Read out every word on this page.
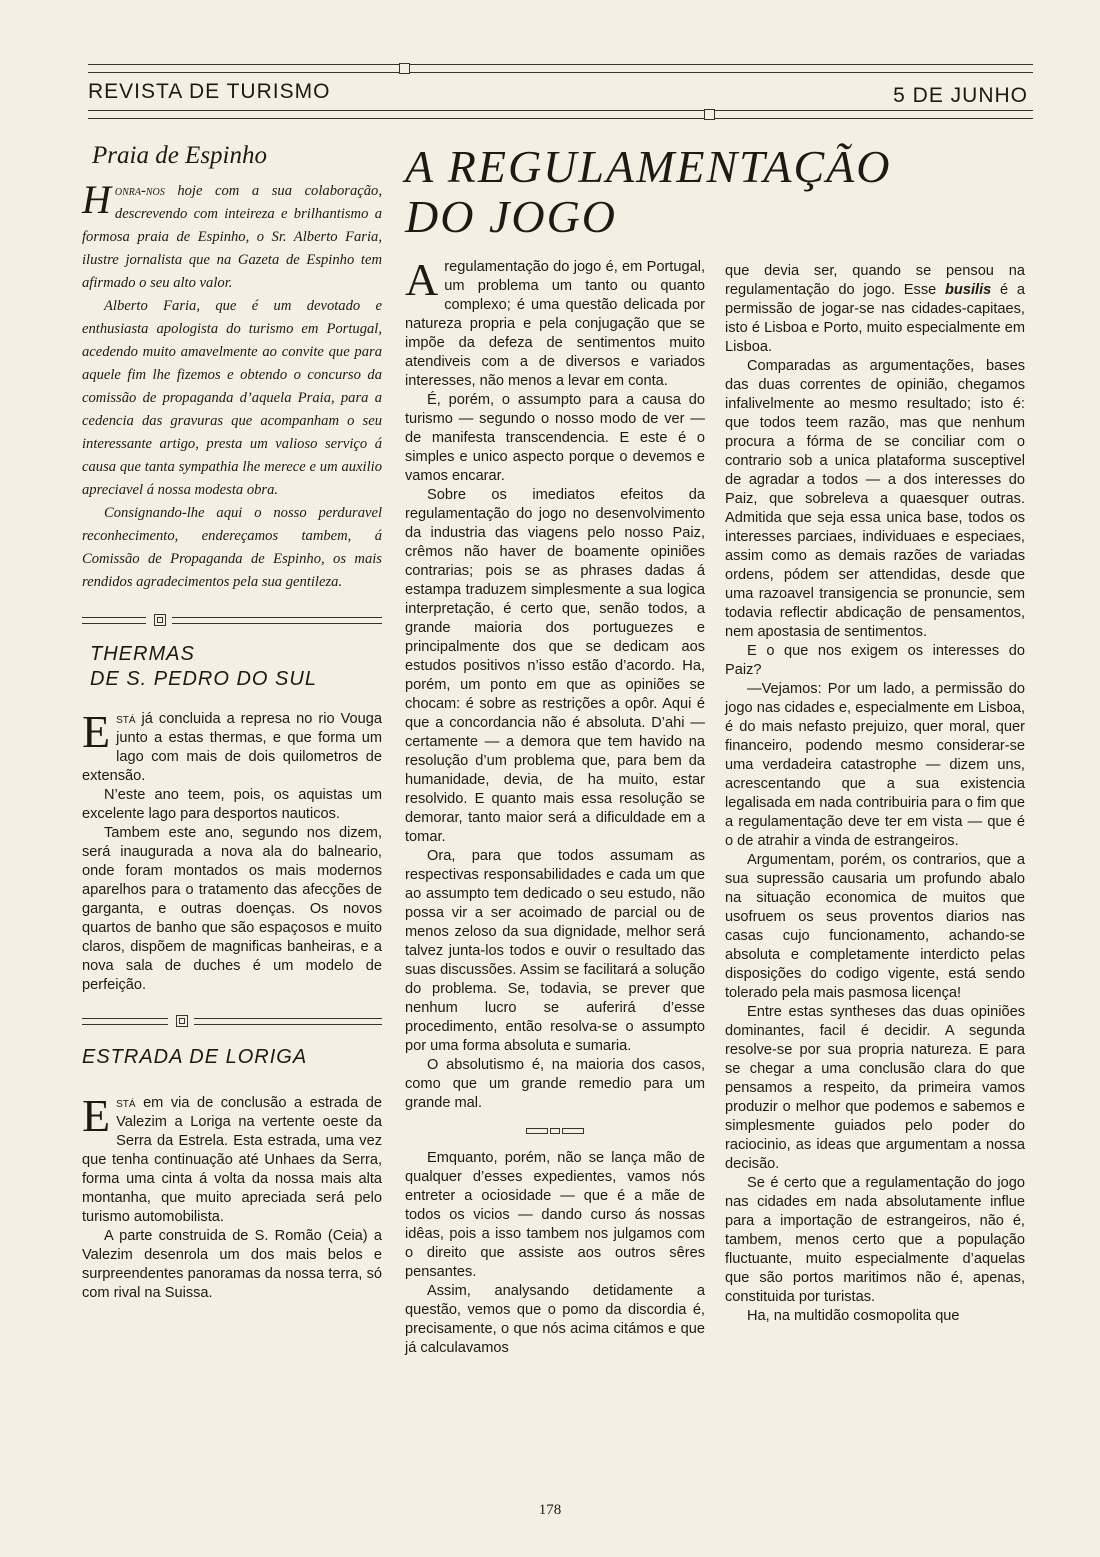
REVISTA DE TURISMO	5 DE JUNHO
Praia de Espinho

Honra-nos hoje com a sua colaboração, descrevendo com inteireza e brilhantismo a formosa praia de Espinho, o Sr. Alberto Faria, ilustre jornalista que na Gazeta de Espinho tem afirmado o seu alto valor.

Alberto Faria, que é um devotado e enthusiasta apologista do turismo em Portugal, acedendo muito amavelmente ao convite que para aquele fim lhe fizemos e obtendo o concurso da comissão de propaganda d’aquela Praia, para a cedencia das gravuras que acompanham o seu interessante artigo, presta um valioso serviço á causa que tanta sympathia lhe merece e um auxilio apreciavel á nossa modesta obra.

Consignando-lhe aqui o nosso perduravel reconhecimento, endereçamos tambem, á Comissão de Propaganda de Espinho, os mais rendidos agradecimentos pela sua gentileza.

THERMAS
DE S. PEDRO DO SUL

Está já concluida a represa no rio Vouga junto a estas thermas, e que forma um lago com mais de dois quilometros de extensão.

N’este ano teem, pois, os aquistas um excelente lago para desportos nauticos.

Tambem este ano, segundo nos dizem, será inaugurada a nova ala do balneario, onde foram montados os mais modernos aparelhos para o tratamento das afecções de garganta, e outras doenças. Os novos quartos de banho que são espaçosos e muito claros, dispõem de magnificas banheiras, e a nova sala de duches é um modelo de perfeição.

ESTRADA DE LORIGA

Está em via de conclusão a estrada de Valezim a Loriga na vertente oeste da Serra da Estrela. Esta estrada, uma vez que tenha continuação até Unhaes da Serra, forma uma cinta á volta da nossa mais alta montanha, que muito apreciada será pelo turismo automobilista.

A parte construida de S. Romão (Ceia) a Valezim desenrola um dos mais belos e surpreendentes panoramas da nossa terra, só com rival na Suissa.

A REGULAMENTAÇÃO
DO JOGO

A regulamentação do jogo é, em Portugal, um problema um tanto ou quanto complexo; é uma questão delicada por natureza propria e pela conjugação que se impõe da defeza de sentimentos muito atendiveis com a de diversos e variados interesses, não menos a levar em conta.

É, porém, o assumpto para a causa do turismo — segundo o nosso modo de ver — de manifesta transcendencia. E este é o simples e unico aspecto porque o devemos e vamos encarar.

Sobre os imediatos efeitos da regulamentação do jogo no desenvolvimento da industria das viagens pelo nosso Paiz, crêmos não haver de boamente opiniões contrarias; pois se as phrases dadas á estampa traduzem simplesmente a sua logica interpretação, é certo que, senão todos, a grande maioria dos portuguezes e principalmente dos que se dedicam aos estudos positivos n’isso estão d’acordo. Ha, porém, um ponto em que as opiniões se chocam: é sobre as restrições a opôr. Aqui é que a concordancia não é absoluta. D’ahi — certamente — a demora que tem havido na resolução d’um problema que, para bem da humanidade, devia, de ha muito, estar resolvido. E quanto mais essa resolução se demorar, tanto maior será a dificuldade em a tomar.

Ora, para que todos assumam as respectivas responsabilidades e cada um que ao assumpto tem dedicado o seu estudo, não possa vir a ser acoimado de parcial ou de menos zeloso da sua dignidade, melhor será talvez junta-los todos e ouvir o resultado das suas discussões. Assim se facilitará a solução do problema. Se, todavia, se prever que nenhum lucro se auferirá d’esse procedimento, então resolva-se o assumpto por uma forma absoluta e sumaria.

O absolutismo é, na maioria dos casos, como que um grande remedio para um grande mal.

Emquanto, porém, não se lança mão de qualquer d’esses expedientes, vamos nós entreter a ociosidade — que é a mãe de todos os vicios — dando curso ás nossas idêas, pois a isso tambem nos julgamos com o direito que assiste aos outros sêres pensantes.

Assim, analysando detidamente a questão, vemos que o pomo da discordia é, precisamente, o que nós acima citámos e que já calculavamos

que devia ser, quando se pensou na regulamentação do jogo. Esse busilis é a permissão de jogar-se nas cidades-capitaes, isto é Lisboa e Porto, muito especialmente em Lisboa.

Comparadas as argumentações, bases das duas correntes de opinião, chegamos infalivelmente ao mesmo resultado; isto é: que todos teem razão, mas que nenhum procura a fórma de se conciliar com o contrario sob a unica plataforma susceptivel de agradar a todos — a dos interesses do Paiz, que sobreleva a quaesquer outras. Admitida que seja essa unica base, todos os interesses parciaes, individuaes e especiaes, assim como as demais razões de variadas ordens, pódem ser attendidas, desde que uma razoavel transigencia se pronuncie, sem todavia reflectir abdicação de pensamentos, nem apostasia de sentimentos.

E o que nos exigem os interesses do Paiz?

—Vejamos: Por um lado, a permissão do jogo nas cidades e, especialmente em Lisboa, é do mais nefasto prejuizo, quer moral, quer financeiro, podendo mesmo considerar-se uma verdadeira catastrophe — dizem uns, acrescentando que a sua existencia legalisada em nada contribuiria para o fim que a regulamentação deve ter em vista — que é o de atrahir a vinda de estrangeiros.

Argumentam, porém, os contrarios, que a sua supressão causaria um profundo abalo na situação economica de muitos que usofruem os seus proventos diarios nas casas cujo funcionamento, achando-se absoluta e completamente interdicto pelas disposições do codigo vigente, está sendo tolerado pela mais pasmosa licença!

Entre estas syntheses das duas opiniões dominantes, facil é decidir. A segunda resolve-se por sua propria natureza. E para se chegar a uma conclusão clara do que pensamos a respeito, da primeira vamos produzir o melhor que podemos e sabemos e simplesmente guiados pelo poder do raciocinio, as ideas que argumentam a nossa decisão.

Se é certo que a regulamentação do jogo nas cidades em nada absolutamente influe para a importação de estrangeiros, não é, tambem, menos certo que a população fluctuante, muito especialmente d’aquelas que são portos maritimos não é, apenas, constituida por turistas.

Ha, na multidão cosmopolita que

178
